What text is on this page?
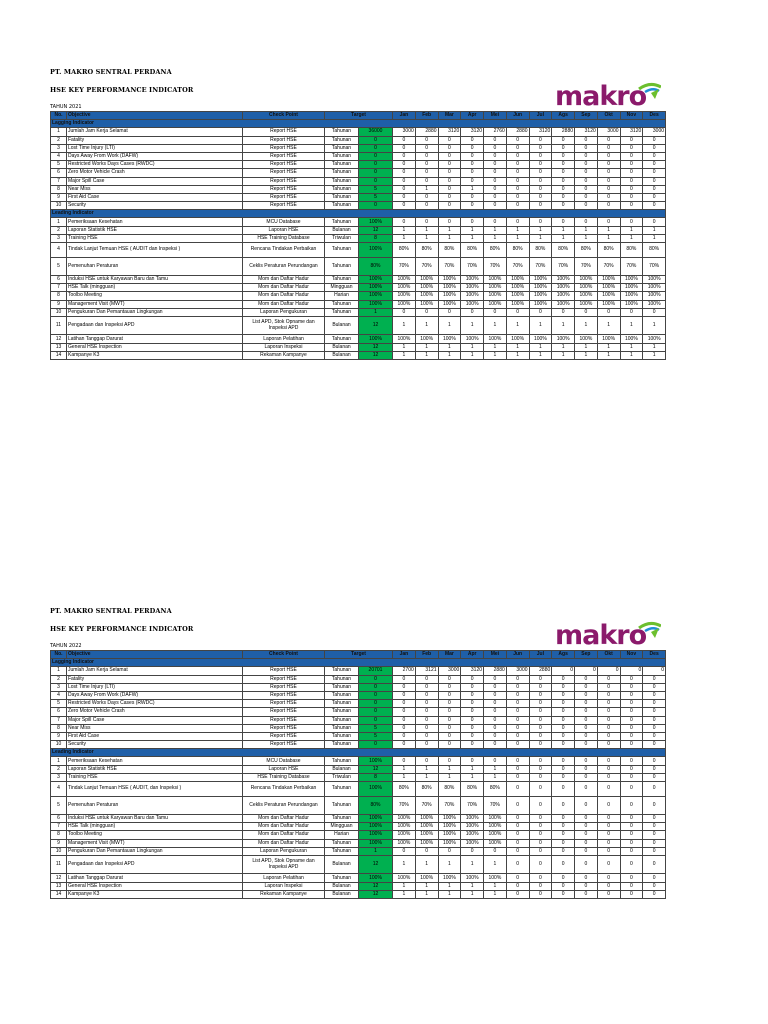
PT. MAKRO SENTRAL PERDANA
HSE KEY PERFORMANCE INDICATOR	makro
TAHUN 2021
No.	Objective	Check Point	Target		Jan	Feb	Mar	Apr	Mei	Jun	Jul	Ags	Sep	Okt	Nov	Des
Lagging Indicator																
1	Jumlah Jam Kerja Selamat	Report HSE	Tahunan	36000	3000	2880	3120	3120	2760	2880	3120	2880	3120	3000	3120	3000
2	Fatality	Report HSE	Tahunan	0	0	0	0	0	0	0	0	0	0	0	0	0
3	Lost Time Injury (LTI)	Report HSE	Tahunan	0	0	0	0	0	0	0	0	0	0	0	0	0
4	Days Away From Work (DAFW)	Report HSE	Tahunan	0	0	0	0	0	0	0	0	0	0	0	0	0
5	Restricted Works Days Cases (RWDC)	Report HSE	Tahunan	0	0	0	0	0	0	0	0	0	0	0	0	0
6	Zero Motor Vehicle Crash	Report HSE	Tahunan	0	0	0	0	0	0	0	0	0	0	0	0	0
7	Major Spill Case	Report HSE	Tahunan	0	0	0	0	0	0	0	0	0	0	0	0	0
8	Near Miss	Report HSE	Tahunan	5	0	1	0	1	0	0	0	0	0	0	0	0
9	First Aid Case	Report HSE	Tahunan	5	0	0	0	0	0	0	0	0	0	0	0	0
10	Security	Report HSE	Tahunan	0	0	0	0	0	0	0	0	0	0	0	0	0
Leading Indicator																
1	Pemeriksaan Kesehatan	MCU Database	Tahunan	100%	0	0	0	0	0	0	0	0	0	0	0	0
2	Laporan Statistik HSE	Laporan HSE	Bulanan	12	1	1	1	1	1	1	1	1	1	1	1	1
3	Training HSE	HSE Training Database	Triwulan	8	1	1	1	1	1	1	1	1	1	1	1	1
4	Tindak Lanjut Temuan HSE ( AUDIT dan Inspeksi )	Rencana Tindakan Perbaikan	Tahunan	100%	80%	80%	80%	80%	80%	80%	80%	80%	80%	80%	80%	80%
5	Pemenuhan Peraturan	Ceklis Peraturan Perundangan	Tahunan	80%	70%	70%	70%	70%	70%	70%	70%	70%	70%	70%	70%	70%
6	Induksi HSE untuk Karyawan Baru dan Tamu	Mom dan Daftar Hadur	Tahunan	100%	100%	100%	100%	100%	100%	100%	100%	100%	100%	100%	100%	100%
7	HSE Talk (mingguan)	Mom dan Daftar Hadur	Mingguan	100%	100%	100%	100%	100%	100%	100%	100%	100%	100%	100%	100%	100%
8	Toolbo Meeting	Mom dan Daftar Hadur	Harian	100%	100%	100%	100%	100%	100%	100%	100%	100%	100%	100%	100%	100%
9	Management Visit (MWT)	Mom dan Daftar Hadur	Tahunan	100%	100%	100%	100%	100%	100%	100%	100%	100%	100%	100%	100%	100%
10	Pengukuran Dan Pemantauan Lingkungan	Laporan Pengukuran	Tahunan	1	0	0	0	0	0	0	0	0	0	0	0	0
11	Pengadaan dan Inspeksi APD	List APD, Stok Opname dan Inspeksi APD	Bulanan	12	1	1	1	1	1	1	1	1	1	1	1	1
12	Latihan Tanggap Darurat	Laporan Pelatihan	Tahunan	100%	100%	100%	100%	100%	100%	100%	100%	100%	100%	100%	100%	100%
13	General HSE Inspection	Laporan Inspeksi	Bulanan	12	1	1	1	1	1	1	1	1	1	1	1	1
14	Kampanye K3	Rekaman Kampanye	Bulanan	12	1	1	1	1	1	1	1	1	1	1	1	1
PT. MAKRO SENTRAL PERDANA
HSE KEY PERFORMANCE INDICATOR	makro
TAHUN 2022
No.	Objective	Check Point	Target		Jan	Feb	Mar	Apr	Mei	Jun	Jul	Ags	Sep	Okt	Nov	Des
Lagging Indicator																
1	Jumlah Jam Kerja Selamat	Report HSE	Tahunan	20701	2700	3121	3000	3120	2880	3000	2880	0	0	0	0	0
2	Fatality	Report HSE	Tahunan	0	0	0	0	0	0	0	0	0	0	0	0	0
3	Lost Time Injury (LTI)	Report HSE	Tahunan	0	0	0	0	0	0	0	0	0	0	0	0	0
4	Days Away From Work (DAFW)	Report HSE	Tahunan	0	0	0	0	0	0	0	0	0	0	0	0	0
5	Restricted Works Days Cases (RWDC)	Report HSE	Tahunan	0	0	0	0	0	0	0	0	0	0	0	0	0
6	Zero Motor Vehicle Crash	Report HSE	Tahunan	0	0	0	0	0	0	0	0	0	0	0	0	0
7	Major Spill Case	Report HSE	Tahunan	0	0	0	0	0	0	0	0	0	0	0	0	0
8	Near Miss	Report HSE	Tahunan	5	0	0	0	0	0	0	0	0	0	0	0	0
9	First Aid Case	Report HSE	Tahunan	5	0	0	0	0	0	0	0	0	0	0	0	0
10	Security	Report HSE	Tahunan	0	0	0	0	0	0	0	0	0	0	0	0	0
Leading Indicator																
1	Pemeriksaan Kesehatan	MCU Database	Tahunan	100%	0	0	0	0	0	0	0	0	0	0	0	0
2	Laporan Statistik HSE	Laporan HSE	Bulanan	12	1	1	1	1	1	0	0	0	0	0	0	0
3	Training HSE	HSE Training Database	Triwulan	8	1	1	1	1	1	0	0	0	0	0	0	0
4	Tindak Lanjut Temuan HSE ( AUDIT, dan Inspeksi )	Rencana Tindakan Perbaikan	Tahunan	100%	80%	80%	80%	80%	80%	0	0	0	0	0	0	0
5	Pemenuhan Peraturan	Ceklis Peraturan Perundangan	Tahunan	80%	70%	70%	70%	70%	70%	0	0	0	0	0	0	0
6	Induksi HSE untuk Karyawan Baru dan Tamu	Mom dan Daftar Hadur	Tahunan	100%	100%	100%	100%	100%	100%	0	0	0	0	0	0	0
7	HSE Talk (mingguan)	Mom dan Daftar Hadur	Mingguan	100%	100%	100%	100%	100%	100%	0	0	0	0	0	0	0
8	Toolbo Meeting	Mom dan Daftar Hadur	Harian	100%	100%	100%	100%	100%	100%	0	0	0	0	0	0	0
9	Management Visit (MWT)	Mom dan Daftar Hadur	Tahunan	100%	100%	100%	100%	100%	100%	0	0	0	0	0	0	0
10	Pengukuran Dan Pemantauan Lingkungan	Laporan Pengukuran	Tahunan	1	0	0	0	0	0	0	0	0	0	0	0	0
11	Pengadaan dan Inspeksi APD	List APD, Stok Opname dan Inspeksi APD	Bulanan	12	1	1	1	1	1	0	0	0	0	0	0	0
12	Latihan Tanggap Darurat	Laporan Pelatihan	Tahunan	100%	100%	100%	100%	100%	100%	0	0	0	0	0	0	0
13	General HSE Inspection	Laporan Inspeksi	Bulanan	12	1	1	1	1	1	0	0	0	0	0	0	0
14	Kampanye K3	Rekaman Kampanye	Bulanan	12	1	1	1	1	1	0	0	0	0	0	0	0
